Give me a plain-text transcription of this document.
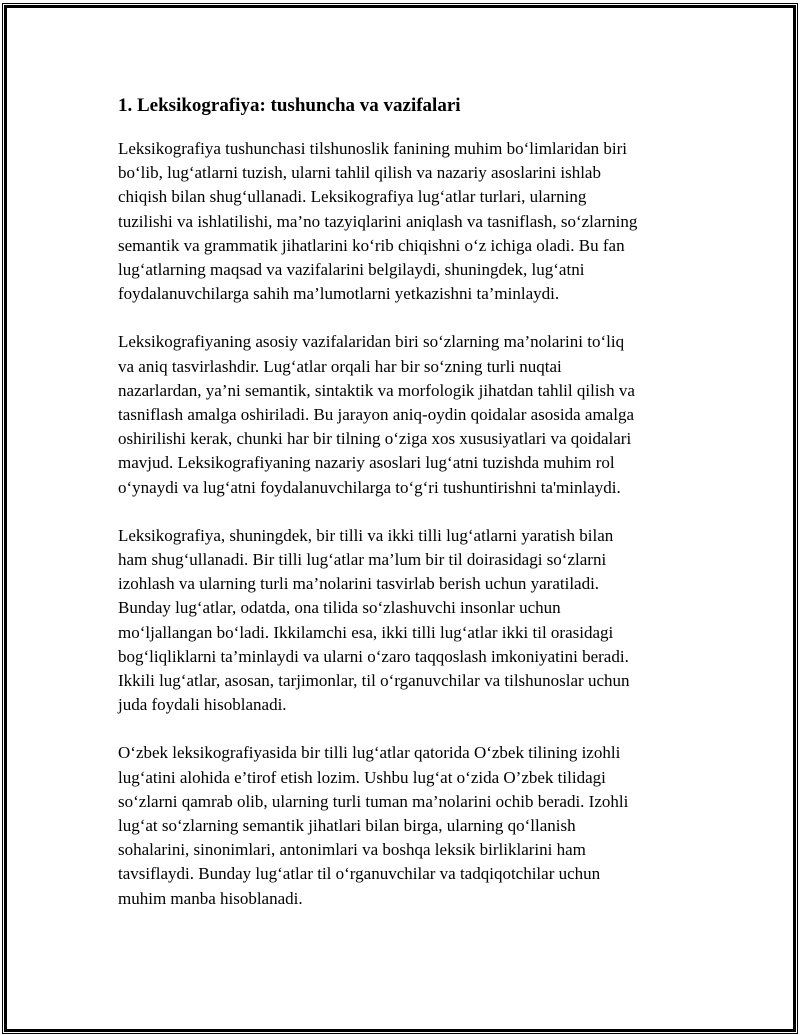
1. Leksikografiya: tushuncha va vazifalari

Leksikografiya tushunchasi tilshunoslik fanining muhim bo‘limlaridan biri
bo‘lib, lug‘atlarni tuzish, ularni tahlil qilish va nazariy asoslarini ishlab
chiqish bilan shug‘ullanadi. Leksikografiya lug‘atlar turlari, ularning
tuzilishi va ishlatilishi, ma’no tazyiqlarini aniqlash va tasniflash, so‘zlarning
semantik va grammatik jihatlarini ko‘rib chiqishni o‘z ichiga oladi. Bu fan
lug‘atlarning maqsad va vazifalarini belgilaydi, shuningdek, lug‘atni
foydalanuvchilarga sahih ma’lumotlarni yetkazishni ta’minlaydi.

Leksikografiyaning asosiy vazifalaridan biri so‘zlarning ma’nolarini to‘liq
va aniq tasvirlashdir. Lug‘atlar orqali har bir so‘zning turli nuqtai
nazarlardan, ya’ni semantik, sintaktik va morfologik jihatdan tahlil qilish va
tasniflash amalga oshiriladi. Bu jarayon aniq-oydin qoidalar asosida amalga
oshirilishi kerak, chunki har bir tilning o‘ziga xos xususiyatlari va qoidalari
mavjud. Leksikografiyaning nazariy asoslari lug‘atni tuzishda muhim rol
o‘ynaydi va lug‘atni foydalanuvchilarga to‘g‘ri tushuntirishni ta'minlaydi.

Leksikografiya, shuningdek, bir tilli va ikki tilli lug‘atlarni yaratish bilan
ham shug‘ullanadi. Bir tilli lug‘atlar ma’lum bir til doirasidagi so‘zlarni
izohlash va ularning turli ma’nolarini tasvirlab berish uchun yaratiladi.
Bunday lug‘atlar, odatda, ona tilida so‘zlashuvchi insonlar uchun
mo‘ljallangan bo‘ladi. Ikkilamchi esa, ikki tilli lug‘atlar ikki til orasidagi
bog‘liqliklarni ta’minlaydi va ularni o‘zaro taqqoslash imkoniyatini beradi.
Ikkili lug‘atlar, asosan, tarjimonlar, til o‘rganuvchilar va tilshunoslar uchun
juda foydali hisoblanadi.

O‘zbek leksikografiyasida bir tilli lug‘atlar qatorida O‘zbek tilining izohli
lug‘atini alohida e’tirof etish lozim. Ushbu lug‘at o‘zida O’zbek tilidagi
so‘zlarni qamrab olib, ularning turli tuman ma’nolarini ochib beradi. Izohli
lug‘at so‘zlarning semantik jihatlari bilan birga, ularning qo‘llanish
sohalarini, sinonimlari, antonimlari va boshqa leksik birliklarini ham
tavsiflaydi. Bunday lug‘atlar til o‘rganuvchilar va tadqiqotchilar uchun
muhim manba hisoblanadi.
